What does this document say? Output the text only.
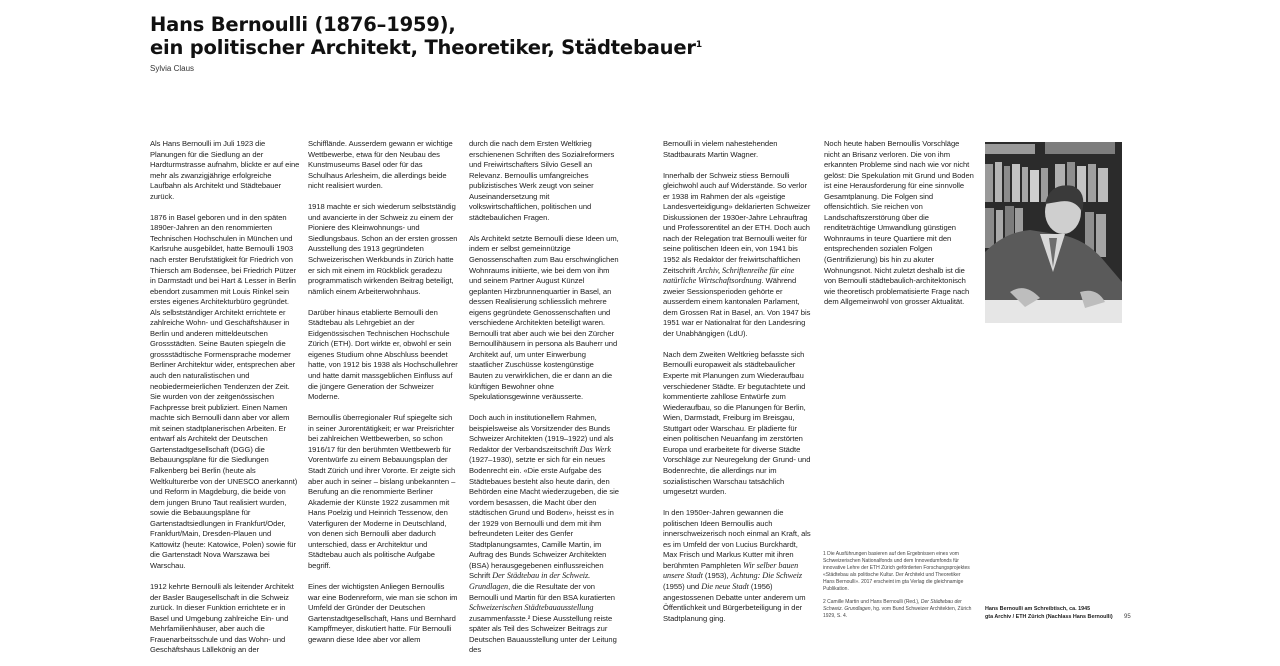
Hans Bernoulli (1876–1959),
ein politischer Architekt, Theoretiker, Städtebauer$^1$
Sylvia Claus

Als Hans Bernoulli im Juli 1923 die Planungen für die Siedlung an der Hardturmstrasse aufnahm, blickte er auf eine mehr als zwanzigjährige erfolgreiche Laufbahn als Architekt und Städtebauer zurück.

1876 in Basel geboren und in den späten 1890er-Jahren an den renommierten Technischen Hochschulen in München und Karlsruhe ausgebildet, hatte Bernoulli 1903 nach erster Berufstätigkeit für Friedrich von Thiersch am Bodensee, bei Friedrich Pützer in Darmstadt und bei Hart & Lesser in Berlin ebendort zusammen mit Louis Rinkel sein erstes eigenes Architekturbüro gegründet. Als selbstständiger Architekt errichtete er zahlreiche Wohn- und Geschäftshäuser in Berlin und anderen mitteldeutschen Grossstädten. Seine Bauten spiegeln die grossstädtische Formensprache moderner Berliner Architektur wider, entsprechen aber auch den naturalistischen und neobiedermeierlichen Tendenzen der Zeit. Sie wurden von der zeitgenössischen Fachpresse breit publiziert. Einen Namen machte sich Bernoulli dann aber vor allem mit seinen stadtplanerischen Arbeiten. Er entwarf als Architekt der Deutschen Gartenstadtgesellschaft (DGG) die Bebauungspläne für die Siedlungen Falkenberg bei Berlin (heute als Weltkulturerbe von der UNESCO anerkannt) und Reform in Magdeburg, die beide von dem jungen Bruno Taut realisiert wurden, sowie die Bebauungspläne für Gartenstadtsiedlungen in Frankfurt/Oder, Frankfurt/Main, Dresden-Plauen und Kattowitz (heute: Katowice, Polen) sowie für die Gartenstadt Nova Warszawa bei Warschau.

1912 kehrte Bernoulli als leitender Architekt der Basler Baugesellschaft in die Schweiz zurück. In dieser Funktion errichtete er in Basel und Umgebung zahlreiche Ein- und Mehrfamilienhäuser, aber auch die Frauenarbeitsschule und das Wohn- und Geschäftshaus Lällekönig an der

Schifflände. Ausserdem gewann er wichtige Wettbewerbe, etwa für den Neubau des Kunstmuseums Basel oder für das Schulhaus Arlesheim, die allerdings beide nicht realisiert wurden.

1918 machte er sich wiederum selbstständig und avancierte in der Schweiz zu einem der Pioniere des Kleinwohnungs- und Siedlungsbaus. Schon an der ersten grossen Ausstellung des 1913 gegründeten Schweizerischen Werkbunds in Zürich hatte er sich mit einem im Rückblick geradezu programmatisch wirkenden Beitrag beteiligt, nämlich einem Arbeiterwohnhaus.

Darüber hinaus etablierte Bernoulli den Städtebau als Lehrgebiet an der Eidgenössischen Technischen Hochschule Zürich (ETH). Dort wirkte er, obwohl er sein eigenes Studium ohne Abschluss beendet hatte, von 1912 bis 1938 als Hochschullehrer und hatte damit massgeblichen Einfluss auf die jüngere Generation der Schweizer Moderne.

Bernoullis überregionaler Ruf spiegelte sich in seiner Jurorentätigkeit; er war Preisrichter bei zahlreichen Wettbewerben, so schon 1916/17 für den berühmten Wettbewerb für Vorentwürfe zu einem Bebauungsplan der Stadt Zürich und ihrer Vororte. Er zeigte sich aber auch in seiner – bislang unbekannten – Berufung an die renommierte Berliner Akademie der Künste 1922 zusammen mit Hans Poelzig und Heinrich Tessenow, den Vaterfiguren der Moderne in Deutschland, von denen sich Bernoulli aber dadurch unterschied, dass er Architektur und Städtebau auch als politische Aufgabe begriff.

Eines der wichtigsten Anliegen Bernoullis war eine Bodenreform, wie man sie schon im Umfeld der Gründer der Deutschen Gartenstadtgesellschaft, Hans und Bernhard Kampffmeyer, diskutiert hatte. Für Bernoulli gewann diese Idee aber vor allem

durch die nach dem Ersten Weltkrieg erschienenen Schriften des Sozialreformers und Freiwirtschafters Silvio Gesell an Relevanz. Bernoullis umfangreiches publizistisches Werk zeugt von seiner Auseinandersetzung mit volkswirtschaftlichen, politischen und städtebaulichen Fragen.

Als Architekt setzte Bernoulli diese Ideen um, indem er selbst gemeinnützige Genossenschaften zum Bau erschwinglichen Wohnraums initiierte, wie bei dem von ihm und seinem Partner August Künzel geplanten Hirzbrunnenquartier in Basel, an dessen Realisierung schliesslich mehrere eigens gegründete Genossenschaften und verschiedene Architekten beteiligt waren. Bernoulli trat aber auch wie bei den Zürcher Bernoullihäusern in persona als Bauherr und Architekt auf, um unter Einwerbung staatlicher Zuschüsse kostengünstige Bauten zu verwirklichen, die er dann an die künftigen Bewohner ohne Spekulationsgewinne veräusserte.

Doch auch in institutionellem Rahmen, beispielsweise als Vorsitzender des Bunds Schweizer Architekten (1919–1922) und als Redaktor der Verbandszeitschrift Das Werk (1927–1930), setzte er sich für ein neues Bodenrecht ein. «Die erste Aufgabe des Städtebaues besteht also heute darin, den Behörden eine Macht wiederzugeben, die sie vordem besassen, die Macht über den städtischen Grund und Boden», heisst es in der 1929 von Bernoulli und dem mit ihm befreundeten Leiter des Genfer Stadtplanungsamtes, Camille Martin, im Auftrag des Bunds Schweizer Architekten (BSA) herausgegebenen einflussreichen Schrift Der Städtebau in der Schweiz. Grundlagen, die die Resultate der von Bernoulli und Martin für den BSA kuratierten Schweizerischen Städtebauausstellung zusammenfasste.² Diese Ausstellung reiste später als Teil des Schweizer Beitrags zur Deutschen Bauausstellung unter der Leitung des

Bernoulli in vielem nahestehenden Stadtbaurats Martin Wagner.

Innerhalb der Schweiz stiess Bernoulli gleichwohl auch auf Widerstände. So verlor er 1938 im Rahmen der als «geistige Landesverteidigung» deklarierten Schweizer Diskussionen der 1930er-Jahre Lehrauftrag und Professorentitel an der ETH. Doch auch nach der Relegation trat Bernoulli weiter für seine politischen Ideen ein, von 1941 bis 1952 als Redaktor der freiwirtschaftlichen Zeitschrift Archiv, Schriftenreihe für eine natürliche Wirtschaftsordnung. Während zweier Sessionsperioden gehörte er ausserdem einem kantonalen Parlament, dem Grossen Rat in Basel, an. Von 1947 bis 1951 war er Nationalrat für den Landesring der Unabhängigen (LdU).

Nach dem Zweiten Weltkrieg befasste sich Bernoulli europaweit als städtebaulicher Experte mit Planungen zum Wiederaufbau verschiedener Städte. Er begutachtete und kommentierte zahllose Entwürfe zum Wiederaufbau, so die Planungen für Berlin, Wien, Darmstadt, Freiburg im Breisgau, Stuttgart oder Warschau. Er plädierte für einen politischen Neuanfang im zerstörten Europa und erarbeitete für diverse Städte Vorschläge zur Neuregelung der Grund- und Bodenrechte, die allerdings nur im sozialistischen Warschau tatsächlich umgesetzt wurden.

In den 1950er-Jahren gewannen die politischen Ideen Bernoullis auch innerschweizerisch noch einmal an Kraft, als es im Umfeld der von Lucius Burckhardt, Max Frisch und Markus Kutter mit ihren berühmten Pamphleten Wir selber bauen unsere Stadt (1953), Achtung: Die Schweiz (1955) und Die neue Stadt (1956) angestossenen Debatte unter anderem um Öffentlichkeit und Bürgerbeteiligung in der Stadtplanung ging.

Noch heute haben Bernoullis Vorschläge nicht an Brisanz verloren. Die von ihm erkannten Probleme sind nach wie vor nicht gelöst: Die Spekulation mit Grund und Boden ist eine Herausforderung für eine sinnvolle Gesamtplanung. Die Folgen sind offensichtlich. Sie reichen von Landschaftszerstörung über die renditeträchtige Umwandlung günstigen Wohnraums in teure Quartiere mit den entsprechenden sozialen Folgen (Gentrifizierung) bis hin zu akuter Wohnungsnot. Nicht zuletzt deshalb ist die von Bernoulli städtebaulich-architektonisch wie theoretisch problematisierte Frage nach dem Allgemeinwohl von grosser Aktualität.

1 Die Ausführungen basieren auf den Ergebnissen eines vom Schweizerischen Nationalfonds und dem Innovedumfonds für innovative Lehre der ETH Zürich geförderten Forschungsprojektes «Städtebau als politische Kultur. Der Architekt und Theoretiker Hans Bernoulli». 2017 erscheint im gta Verlag die gleichnamige Publikation.

2 Camille Martin und Hans Bernoulli (Red.), Der Städtebau der Schweiz. Grundlagen, hg. vom Bund Schweizer Architekten, Zürich 1929, S. 4.

Hans Bernoulli am Schreibtisch, ca. 1945
gta Archiv / ETH Zürich (Nachlass Hans Bernoulli)	95
